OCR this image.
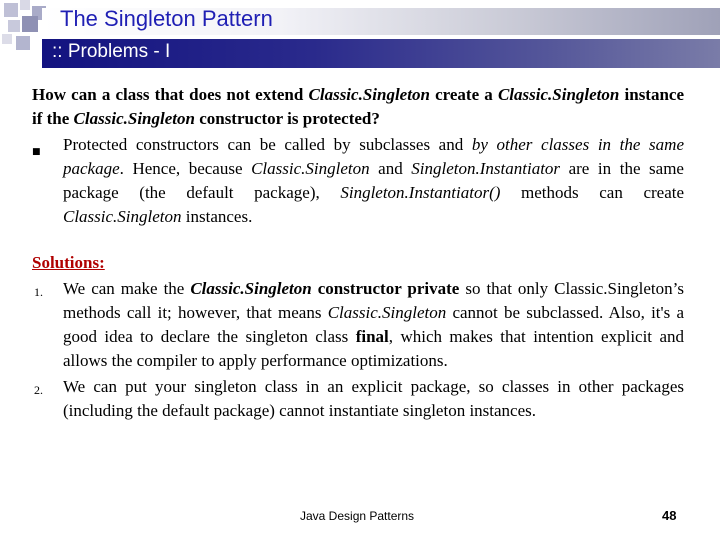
The Singleton Pattern
:: Problems - I

How can a class that does not extend Classic.Singleton create a Classic.Singleton instance if the Classic.Singleton constructor is protected?

■	Protected constructors can be called by subclasses and by other classes in the same package. Hence, because Classic.Singleton and Singleton.Instantiator are in the same package (the default package), Singleton.Instantiator() methods can create Classic.Singleton instances.

Solutions:
1.	We can make the Classic.Singleton constructor private so that only Classic.Singleton’s methods call it; however, that means Classic.Singleton cannot be subclassed. Also, it's a good idea to declare the singleton class final, which makes that intention explicit and allows the compiler to apply performance optimizations.

2.	We can put your singleton class in an explicit package, so classes in other packages (including the default package) cannot instantiate singleton instances.

Java Design Patterns	48
